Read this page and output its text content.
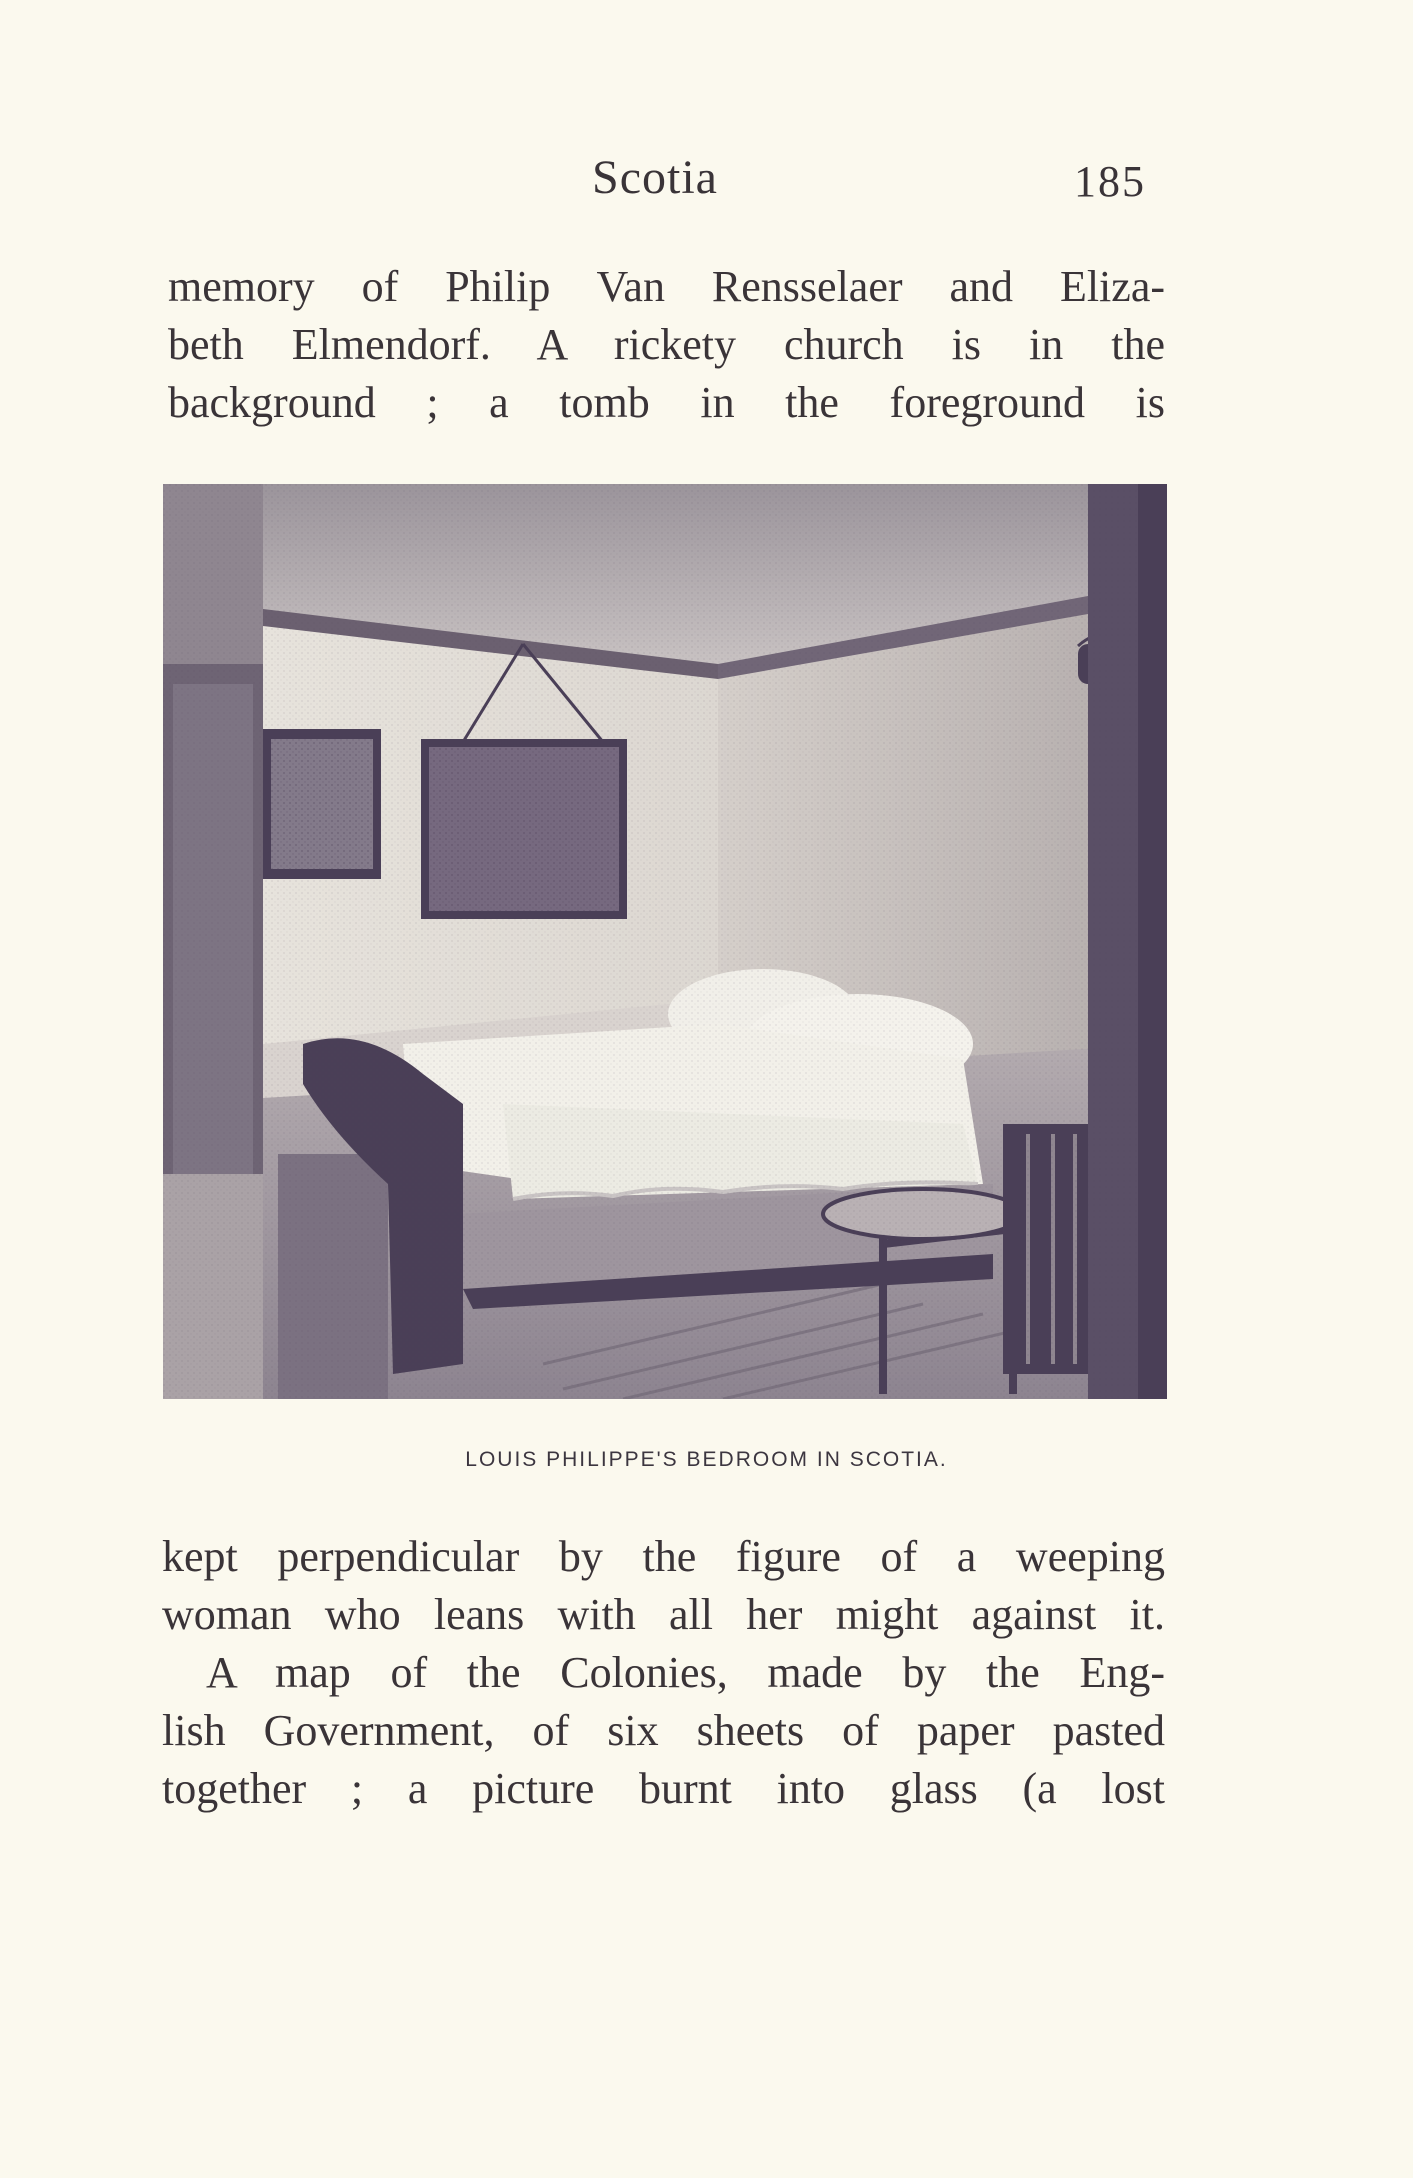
Scotia	185
memory of Philip Van Rensselaer and Eliza-
beth Elmendorf. A rickety church is in the
background ; a tomb in the foreground is
LOUIS PHILIPPE'S BEDROOM IN SCOTIA.
kept perpendicular by the figure of a weeping
woman who leans with all her might against it.
A map of the Colonies, made by the Eng-
lish Government, of six sheets of paper pasted
together ; a picture burnt into glass (a lost
